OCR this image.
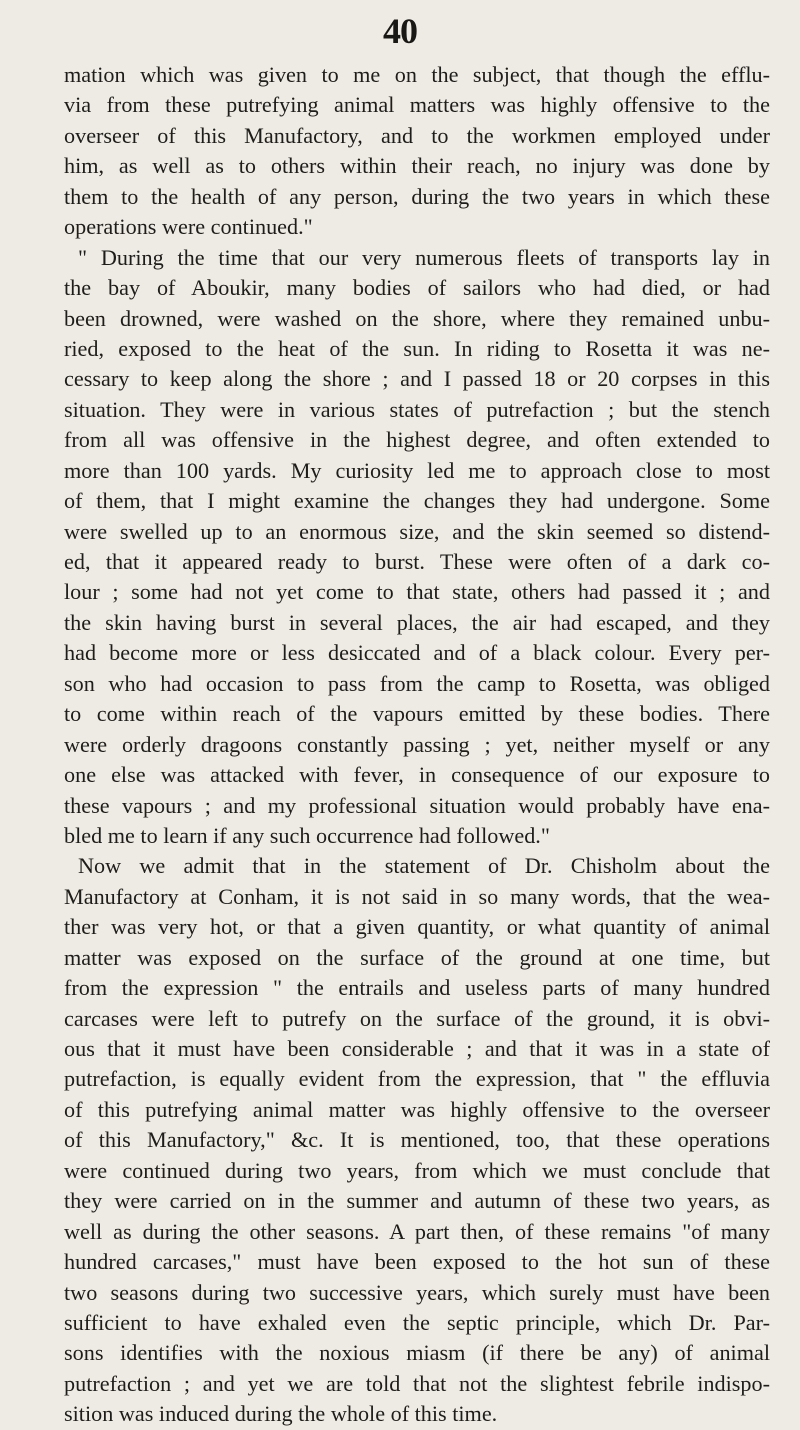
40
mation which was given to me on the subject, that though the efflu-
via from these putrefying animal matters was highly offensive to the
overseer of this Manufactory, and to the workmen employed under
him, as well as to others within their reach, no injury was done by
them to the health of any person, during the two years in which these
operations were continued."
" During the time that our very numerous fleets of transports lay in
the bay of Aboukir, many bodies of sailors who had died, or had
been drowned, were washed on the shore, where they remained unbu-
ried, exposed to the heat of the sun. In riding to Rosetta it was ne-
cessary to keep along the shore ; and I passed 18 or 20 corpses in this
situation. They were in various states of putrefaction ; but the stench
from all was offensive in the highest degree, and often extended to
more than 100 yards. My curiosity led me to approach close to most
of them, that I might examine the changes they had undergone. Some
were swelled up to an enormous size, and the skin seemed so distend-
ed, that it appeared ready to burst. These were often of a dark co-
lour ; some had not yet come to that state, others had passed it ; and
the skin having burst in several places, the air had escaped, and they
had become more or less desiccated and of a black colour. Every per-
son who had occasion to pass from the camp to Rosetta, was obliged
to come within reach of the vapours emitted by these bodies. There
were orderly dragoons constantly passing ; yet, neither myself or any
one else was attacked with fever, in consequence of our exposure to
these vapours ; and my professional situation would probably have ena-
bled me to learn if any such occurrence had followed."
Now we admit that in the statement of Dr. Chisholm about the
Manufactory at Conham, it is not said in so many words, that the wea-
ther was very hot, or that a given quantity, or what quantity of animal
matter was exposed on the surface of the ground at one time, but
from the expression " the entrails and useless parts of many hundred
carcases were left to putrefy on the surface of the ground, it is obvi-
ous that it must have been considerable ; and that it was in a state of
putrefaction, is equally evident from the expression, that " the effluvia
of this putrefying animal matter was highly offensive to the overseer
of this Manufactory," &c. It is mentioned, too, that these operations
were continued during two years, from which we must conclude that
they were carried on in the summer and autumn of these two years, as
well as during the other seasons. A part then, of these remains "of many
hundred carcases," must have been exposed to the hot sun of these
two seasons during two successive years, which surely must have been
sufficient to have exhaled even the septic principle, which Dr. Par-
sons identifies with the noxious miasm (if there be any) of animal
putrefaction ; and yet we are told that not the slightest febrile indispo-
sition was induced during the whole of this time.
